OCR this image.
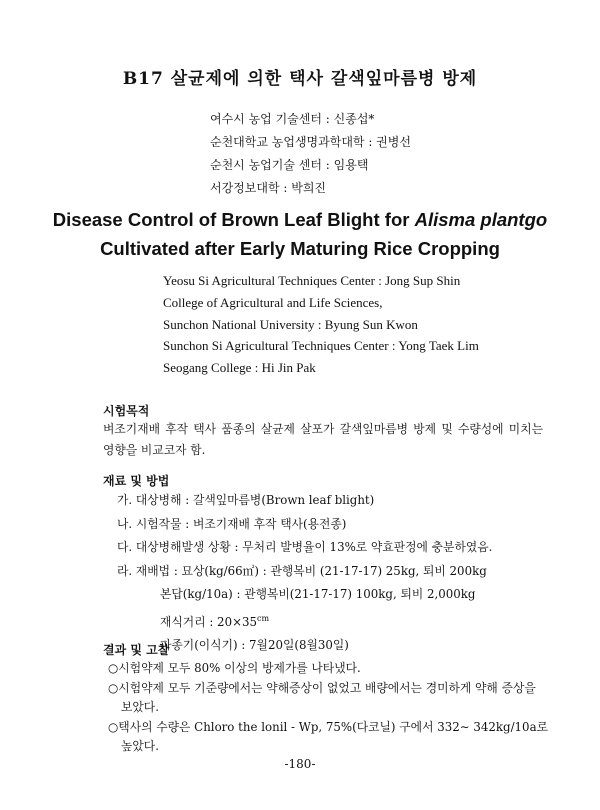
B17 살균제에 의한 택사 갈색잎마름병 방제
여수시 농업 기술센터 : 신종섭*
순천대학교 농업생명과학대학 : 권병선
순천시 농업기술 센터 : 임용택
서강정보대학 : 박희진
Disease Control of Brown Leaf Blight for Alisma plantgo
Cultivated after Early Maturing Rice Cropping
Yeosu Si Agricultural Techniques Center : Jong Sup Shin
College of Agricultural and Life Sciences,
Sunchon National University : Byung Sun Kwon
Sunchon Si Agricultural Techniques Center : Yong Taek Lim
Seogang College : Hi Jin Pak
시험목적
벼조기재배 후작 택사 품종의 살균제 살포가 갈색잎마름병 방제 및 수량성에 미치는 영향을 비교코자 함.
재료 및 방법
가. 대상병해 : 갈색잎마름병(Brown leaf blight)
나. 시험작물 : 벼조기재배 후작 택사(용전종)
다. 대상병해발생 상황 : 무처리 발병율이 13%로 약효판정에 충분하였음.
라. 재배법 : 묘상(kg/66㎡) : 관행복비 (21-17-17) 25kg, 퇴비 200kg
본답(kg/10a) : 관행복비(21-17-17) 100kg, 퇴비 2,000kg
재식거리 : $20\times 35^{cm}$
파종기(이식기) : 7월20일(8월30일)
결과 및 고찰
○시험약제 모두 80% 이상의 방제가를 나타냈다.
○시험약제 모두 기준량에서는 약해증상이 없었고 배량에서는 경미하게 약해 증상을 보았다.
○택사의 수량은 Chloro the lonil - Wp, 75%(다코닐) 구에서 332∼ 342kg/10a로 높았다.
-180-
